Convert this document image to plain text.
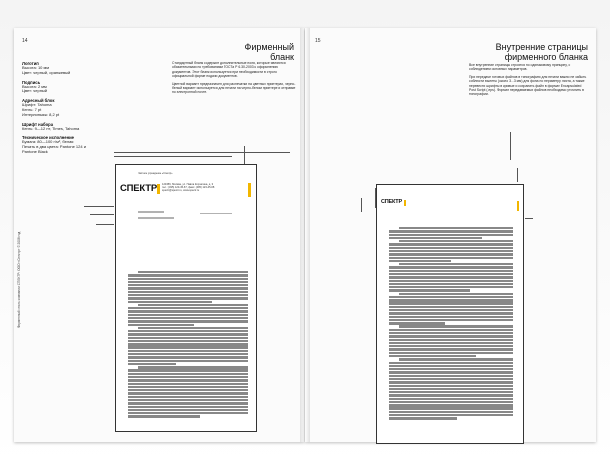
14
Фирменный
бланк
Фирменный стиль компании СПЕКТР: ООО «Спектр» © 2008 год
Логотип
Высота: 10 мм
Цвет: черный, оранжевый
Подпись
Высота: 2 мм
Цвет: черный
Адресный блок
Шрифт: Tahoma
Кегль: 7 pt
Интерлиньяж: 8,2 pt
Шрифт набора
Кегль: 9—12 пт, Times, Tahoma
Техническое исполнение
Бумага: 80—100 г/м², белая
Печать в два цвета: Pantone 124 и
Pantone Black
Стандартный бланк содержит дополнительные поля, которые являются обязательными по требованиям ГОСТа Р 6.30-2003 к оформлению документов. Этот бланк используется при необходимости в строго официальной форме подачи документов.
Цветной вариант предназначен для распечатки на цветных принтерах, черно-белый вариант используется для печати на черно-белом принтере и отправке по электронной почте.
Частное учреждение «Спектр»
СПЕКТР 123456, Москва, ул. Павла Корчагина, д. 3
тел.: (495) 123-45-67, факс: (495) 123-45-68
spectr@spectr.ru, www.spectr.ru
15
Внутренние страницы
фирменного бланка
Все внутренние страницы строятся по одинаковому принципу, с соблюдением основных параметров.
При передаче готовых файлов в типографию для печати важно не забыть соблюсти вылеты (около 3...3 мм) для фона по периметру листа, а также перевести шрифты в кривые и сохранить файл в формат Encapsulated Post Script (.eps). Формат передаваемых файлов необходимо уточнить в типографии.
СПЕКТР
